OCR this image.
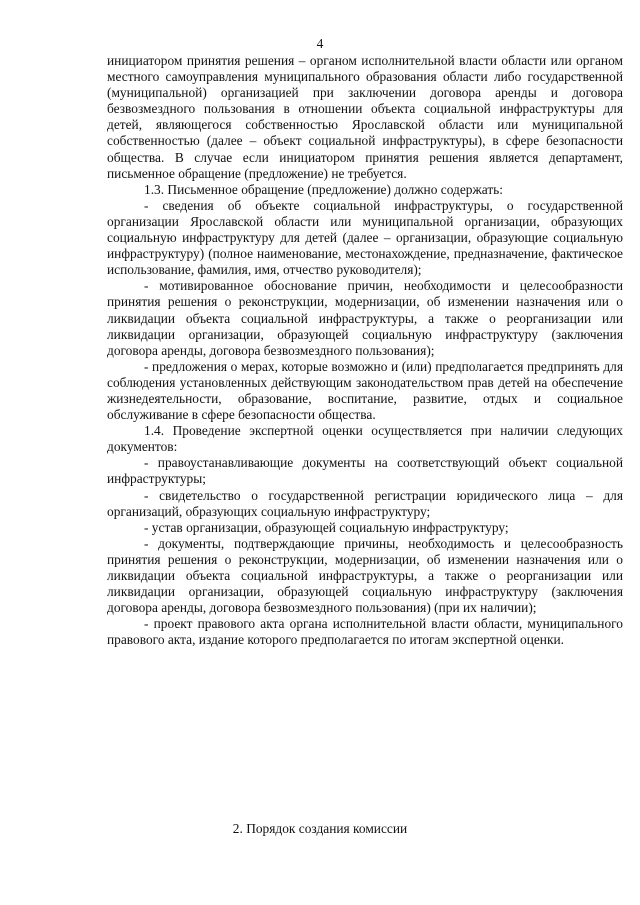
4

инициатором принятия решения – органом исполнительной власти области или органом местного самоуправления муниципального образования области либо государственной (муниципальной) организацией при заключении договора аренды и договора безвозмездного пользования в отношении объекта социальной инфраструктуры для детей, являющегося собственностью Ярославской области или муниципальной собственностью (далее – объект социальной инфраструктуры), в сфере безопасности общества. В случае если инициатором принятия решения является департамент, письменное обращение (предложение) не требуется.

1.3. Письменное обращение (предложение) должно содержать:

- сведения об объекте социальной инфраструктуры, о государственной организации Ярославской области или муниципальной организации, образующих социальную инфраструктуру для детей (далее – организации, образующие социальную инфраструктуру) (полное наименование, местонахождение, предназначение, фактическое использование, фамилия, имя, отчество руководителя);

- мотивированное обоснование причин, необходимости и целесообразности принятия решения о реконструкции, модернизации, об изменении назначения или о ликвидации объекта социальной инфраструктуры, а также о реорганизации или ликвидации организации, образующей социальную инфраструктуру (заключения договора аренды, договора безвозмездного пользования);

- предложения о мерах, которые возможно и (или) предполагается предпринять для соблюдения установленных действующим законодательством прав детей на обеспечение жизнедеятельности, образование, воспитание, развитие, отдых и социальное обслуживание в сфере безопасности общества.

1.4. Проведение экспертной оценки осуществляется при наличии следующих документов:

- правоустанавливающие документы на соответствующий объект социальной инфраструктуры;

- свидетельство о государственной регистрации юридического лица – для организаций, образующих социальную инфраструктуру;

- устав организации, образующей социальную инфраструктуру;

- документы, подтверждающие причины, необходимость и целесообразность принятия решения о реконструкции, модернизации, об изменении назначения или о ликвидации объекта социальной инфраструктуры, а также о реорганизации или ликвидации организации, образующей социальную инфраструктуру (заключения договора аренды, договора безвозмездного пользования) (при их наличии);

- проект правового акта органа исполнительной власти области, муниципального правового акта, издание которого предполагается по итогам экспертной оценки.

2. Порядок создания комиссии
